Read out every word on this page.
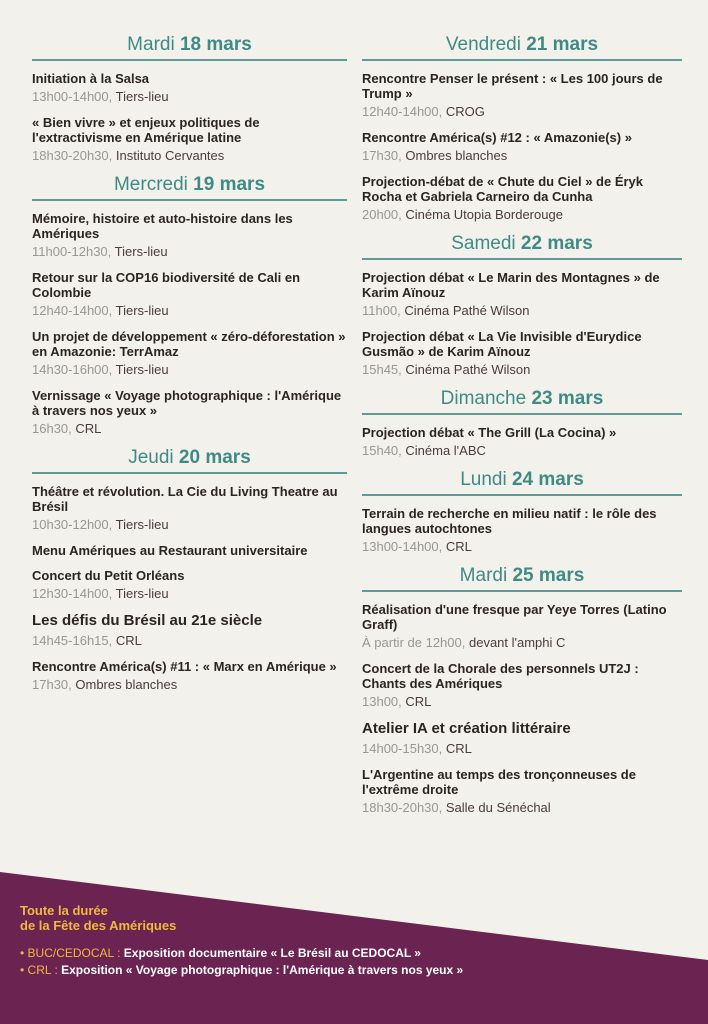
Mardi 18 mars
Initiation à la Salsa
13h00-14h00, Tiers-lieu
« Bien vivre » et enjeux politiques de l'extractivisme en Amérique latine
18h30-20h30, Instituto Cervantes
Mercredi 19 mars
Mémoire, histoire et auto-histoire dans les Amériques
11h00-12h30, Tiers-lieu
Retour sur la COP16 biodiversité de Cali en Colombie
12h40-14h00, Tiers-lieu
Un projet de développement « zéro-déforestation » en Amazonie: TerrAmaz
14h30-16h00, Tiers-lieu
Vernissage « Voyage photographique : l'Amérique à travers nos yeux »
16h30, CRL
Jeudi 20 mars
Théâtre et révolution. La Cie du Living Theatre au Brésil
10h30-12h00, Tiers-lieu
Menu Amériques au Restaurant universitaire
Concert du Petit Orléans
12h30-14h00, Tiers-lieu
Les défis du Brésil au 21e siècle
14h45-16h15, CRL
Rencontre América(s) #11 : « Marx en Amérique »
17h30, Ombres blanches
Vendredi 21 mars
Rencontre Penser le présent : « Les 100 jours de Trump »
12h40-14h00, CROG
Rencontre América(s) #12 : « Amazonie(s) »
17h30, Ombres blanches
Projection-débat de « Chute du Ciel » de Éryk Rocha et Gabriela Carneiro da Cunha
20h00, Cinéma Utopia Borderouge
Samedi 22 mars
Projection débat « Le Marin des Montagnes » de Karim Aïnouz
11h00, Cinéma Pathé Wilson
Projection débat « La Vie Invisible d'Eurydice Gusmão » de Karim Aïnouz
15h45, Cinéma Pathé Wilson
Dimanche 23 mars
Projection débat « The Grill (La Cocina) »
15h40, Cinéma l'ABC
Lundi 24 mars
Terrain de recherche en milieu natif : le rôle des langues autochtones
13h00-14h00, CRL
Mardi 25 mars
Réalisation d'une fresque par Yeye Torres (Latino Graff)
À partir de 12h00, devant l'amphi C
Concert de la Chorale des personnels UT2J : Chants des Amériques
13h00, CRL
Atelier IA et création littéraire
14h00-15h30, CRL
L'Argentine au temps des tronçonneuses de l'extrême droite
18h30-20h30, Salle du Sénéchal
Toute la durée
de la Fête des Amériques
• BUC/CEDOCAL : Exposition documentaire « Le Brésil au CEDOCAL »
• CRL : Exposition « Voyage photographique : l'Amérique à travers nos yeux »
